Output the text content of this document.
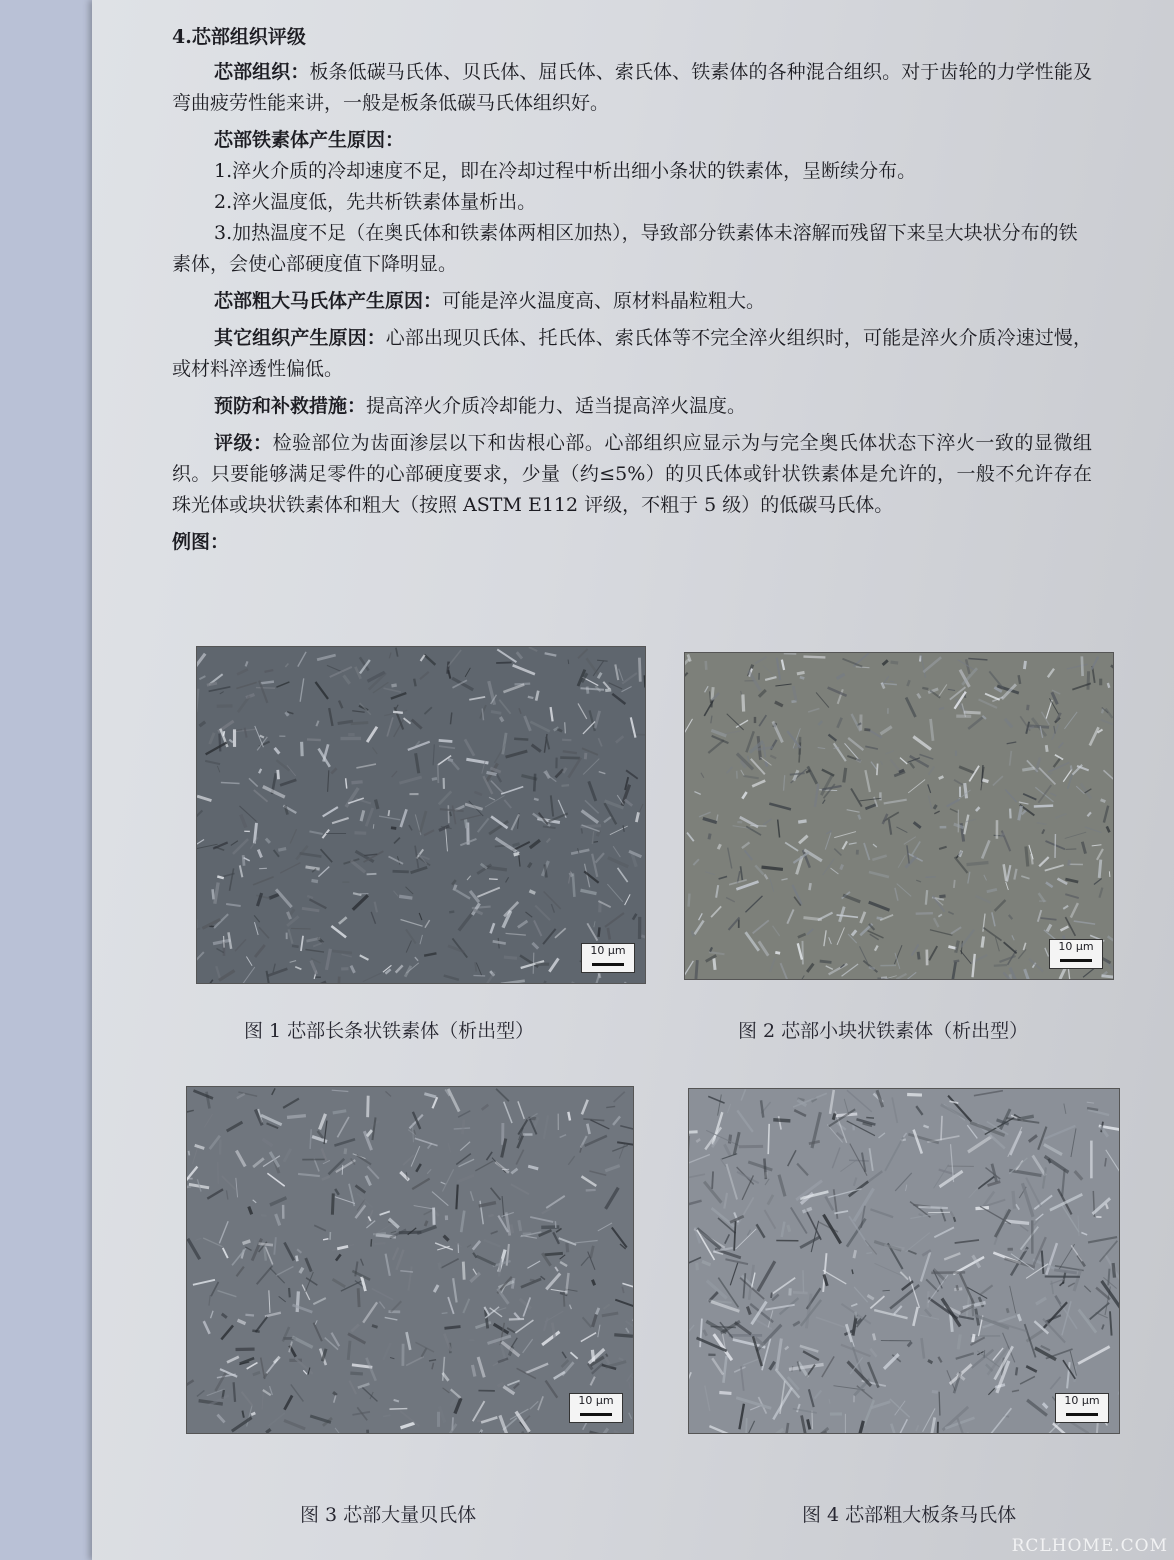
4.芯部组织评级

芯部组织：板条低碳马氏体、贝氏体、屈氏体、索氏体、铁素体的各种混合组织。对于齿轮的力学性能及弯曲疲劳性能来讲，一般是板条低碳马氏体组织好。

芯部铁素体产生原因：

1.淬火介质的冷却速度不足，即在冷却过程中析出细小条状的铁素体，呈断续分布。

2.淬火温度低，先共析铁素体量析出。

3.加热温度不足（在奥氏体和铁素体两相区加热），导致部分铁素体未溶解而残留下来呈大块状分布的铁素体，会使心部硬度值下降明显。

芯部粗大马氏体产生原因：可能是淬火温度高、原材料晶粒粗大。

其它组织产生原因：心部出现贝氏体、托氏体、索氏体等不完全淬火组织时，可能是淬火介质冷速过慢，或材料淬透性偏低。

预防和补救措施：提高淬火介质冷却能力、适当提高淬火温度。

评级：检验部位为齿面渗层以下和齿根心部。心部组织应显示为与完全奥氏体状态下淬火一致的显微组织。只要能够满足零件的心部硬度要求，少量（约≤5%）的贝氏体或针状铁素体是允许的，一般不允许存在珠光体或块状铁素体和粗大（按照 ASTM E112 评级，不粗于 5 级）的低碳马氏体。

例图：
10 μm
图 1 芯部长条状铁素体（析出型）
10 μm
图 2 芯部小块状铁素体（析出型）
10 μm
图 3 芯部大量贝氏体
10 μm
图 4 芯部粗大板条马氏体
RCLHOME.COM
